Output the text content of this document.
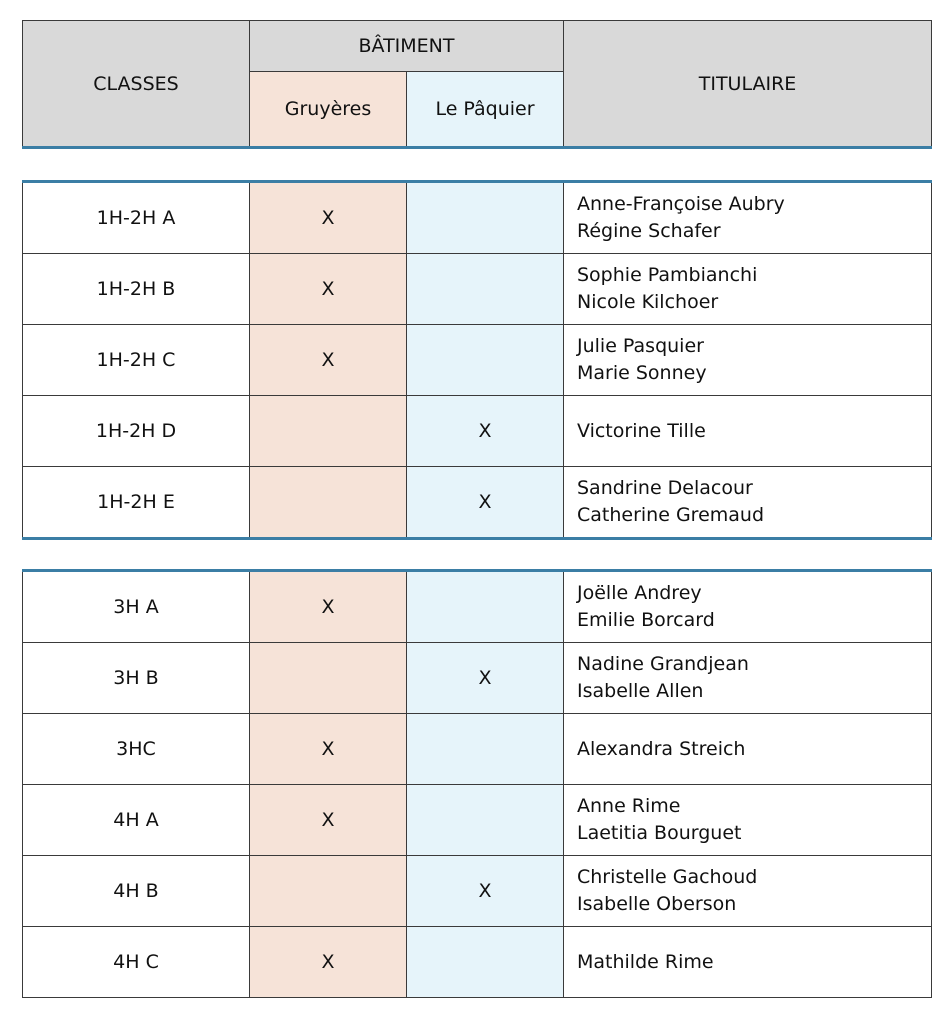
CLASSES	BÂTIMENT		TITULAIRE
	Gruyères	Le Pâquier	
1H-2H A	X		Anne-Françoise Aubry
Régine Schafer

1H-2H B	X		Sophie Pambianchi
Nicole Kilchoer

1H-2H C	X		Julie Pasquier
Marie Sonney

1H-2H D		X	Victorine Tille

1H-2H E		X	Sandrine Delacour
Catherine Gremaud
3H A	X		Joëlle Andrey
Emilie Borcard

3H B		X	Nadine Grandjean
Isabelle Allen

3HC	X		Alexandra Streich

4H A	X		Anne Rime
Laetitia Bourguet

4H B		X	Christelle Gachoud
Isabelle Oberson

4H C	X		Mathilde Rime
